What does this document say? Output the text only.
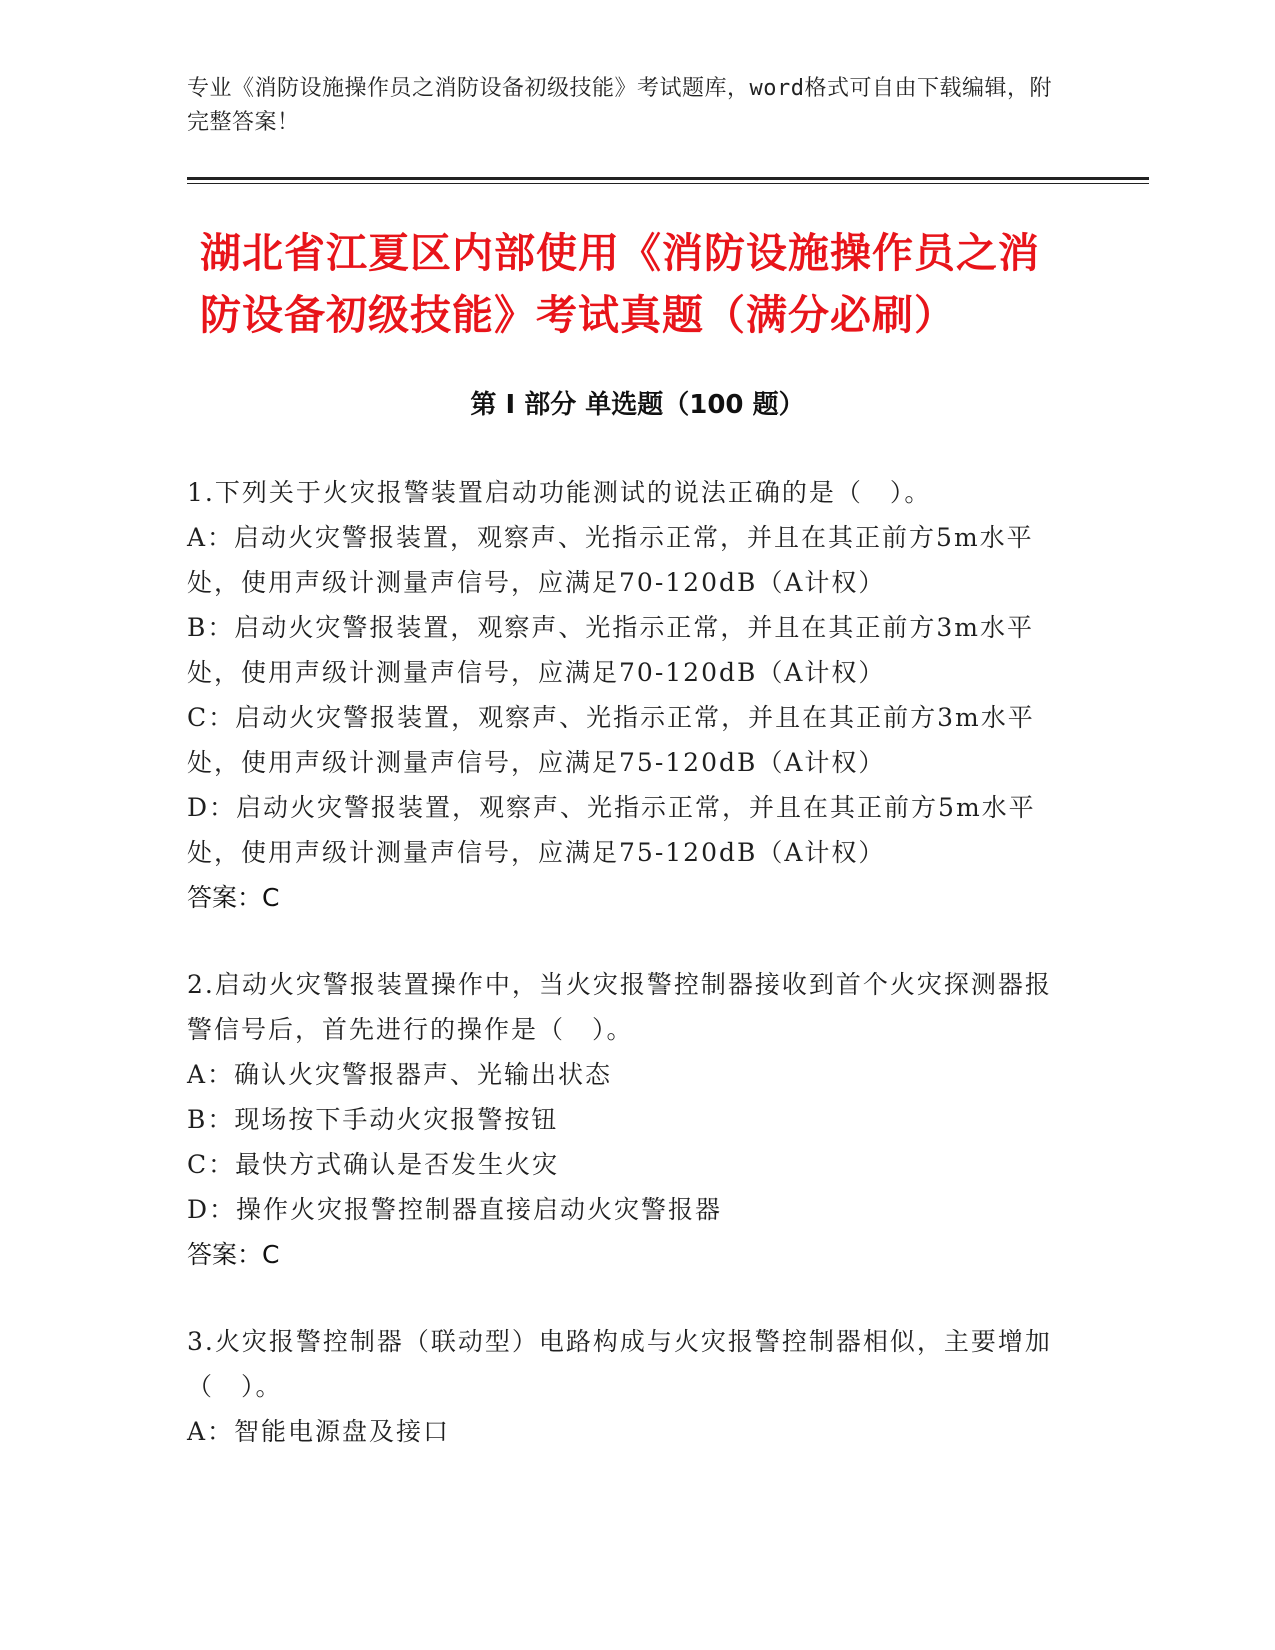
专业《消防设施操作员之消防设备初级技能》考试题库，word格式可自由下载编辑，附完整答案！
湖北省江夏区内部使用《消防设施操作员之消防设备初级技能》考试真题（满分必刷）
第 I 部分 单选题（100 题）
1.下列关于火灾报警装置启动功能测试的说法正确的是（　）。
A：启动火灾警报装置，观察声、光指示正常，并且在其正前方5m水平处，使用声级计测量声信号，应满足70-120dB（A计权）
B：启动火灾警报装置，观察声、光指示正常，并且在其正前方3m水平处，使用声级计测量声信号，应满足70-120dB（A计权）
C：启动火灾警报装置，观察声、光指示正常，并且在其正前方3m水平处，使用声级计测量声信号，应满足75-120dB（A计权）
D：启动火灾警报装置，观察声、光指示正常，并且在其正前方5m水平处，使用声级计测量声信号，应满足75-120dB（A计权）
答案：C
2.启动火灾警报装置操作中，当火灾报警控制器接收到首个火灾探测器报警信号后，首先进行的操作是（　）。
A：确认火灾警报器声、光输出状态
B：现场按下手动火灾报警按钮
C：最快方式确认是否发生火灾
D：操作火灾报警控制器直接启动火灾警报器
答案：C
3.火灾报警控制器（联动型）电路构成与火灾报警控制器相似，主要增加（　）。
A：智能电源盘及接口
